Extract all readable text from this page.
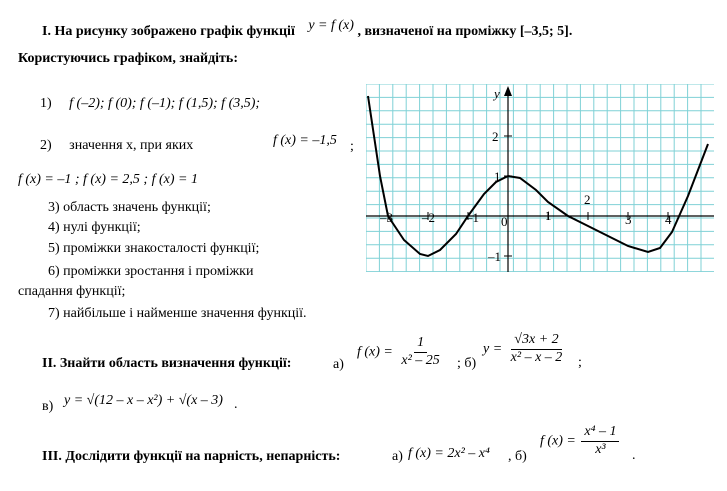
I. На рисунку зображено графік функції y = f (x) , визначеної на проміжку [–3,5; 5].
Користуючись графіком, знайдіть:
1) f (–2); f (0); f (–1); f (1,5); f (3,5);
2) значення x, при яких	f (x) = –1,5 ;
f (x) = –1 ; f (x) = 2,5 ; f (x) = 1
3) область значень функції;
4) нулі функції;
5) проміжки знакосталості функції;
6) проміжки зростання і проміжки
спадання функції;
7) найбільше і найменше значення функції.
–3	–1	1
2
3	4
–2	0
2
1
–1
y
II. Знайти область визначення функції:	а)
f $(x) = \frac{1}{\text{x² – 25}}$ ; б)
$y = \frac{√3x + 2}{\text{x² – x – 2}}$ ;
в) y = √(12 – x – x²) + √(x – 3) .
III. Дослідити функції на парність, непарність:	а) f (x) = 2x² – x⁴ , б)
f $(x) = \frac{\text{x⁴ – 1}}{\text{x³}}$ .
